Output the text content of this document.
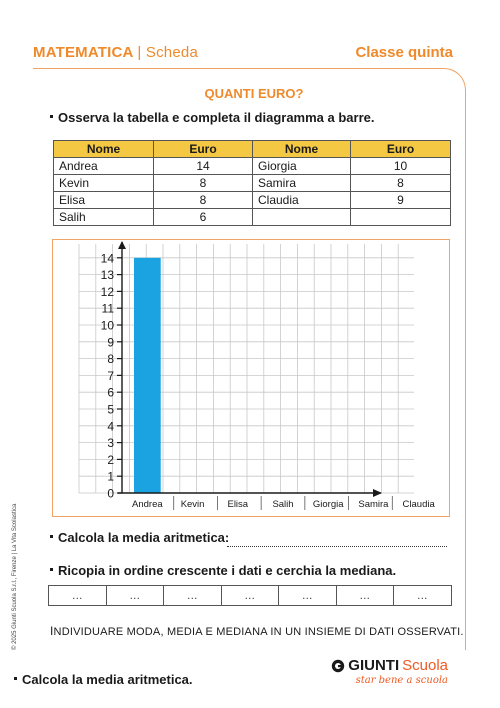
MATEMATICA | Scheda	Classe quinta
QUANTI EURO?
Osserva la tabella e completa il diagramma a barre.
Nome	Euro	Nome	Euro
Andrea	14	Giorgia	10
Kevin	8	Samira	8
Elisa	8	Claudia	9
Salih	6		
0
1
2
3
4
5
6
7
8
9
10
11
12
13
14
Andrea Kevin Elisa	Salih Giorgia Samira Claudia
Calcola la media aritmetica:
Ricopia in ordine crescente i dati e cerchia la mediana.
…	…	…	…	…	…	…
INDIVIDUARE MODA, MEDIA E MEDIANA IN UN INSIEME DI DATI OSSERVATI.
© 2025 Giunti Scuola S.r.l., Firenze | La Vita Scolastica
GIUNTI Scuola
star bene a scuola
Calcola la media aritmetica.
